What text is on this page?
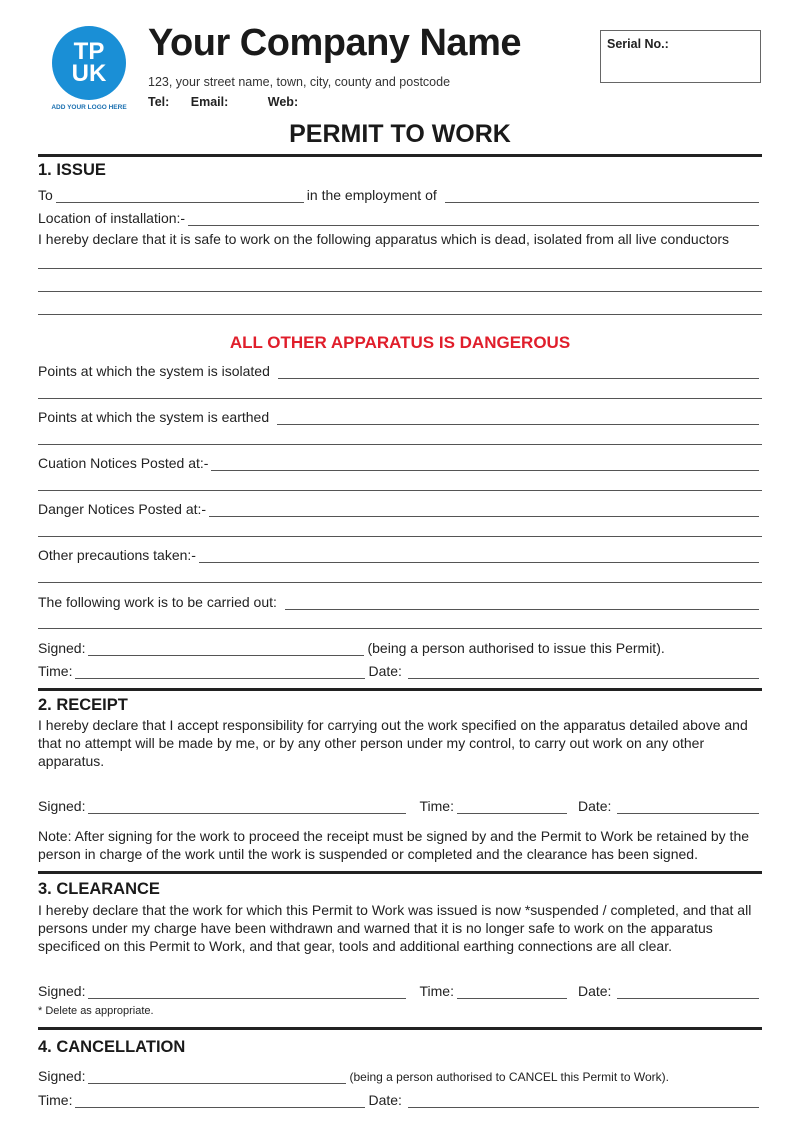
TP
UK
ADD YOUR LOGO HERE
Your Company Name
123, your street name, town, city, county and postcode
Tel: Email:	Web:
Serial No.:
PERMIT TO WORK
1. ISSUE
To	in the employment of
Location of installation:-
I hereby declare that it is safe to work on the following apparatus which is dead, isolated from all live conductors
ALL OTHER APPARATUS IS DANGEROUS
Points at which the system is isolated
Points at which the system is earthed
Cuation Notices Posted at:-
Danger Notices Posted at:-
Other precautions taken:-
The following work is to be carried out:
Signed:	(being a person authorised to issue this Permit).
Time:	Date:
2. RECEIPT
I hereby declare that I accept responsibility for carrying out the work specified on the apparatus detailed above and that no attempt will be made by me, or by any other person under my control, to carry out work on any other apparatus.
Signed:	Time:	Date:
Note: After signing for the work to proceed the receipt must be signed by and the Permit to Work be retained by the person in charge of the work until the work is suspended or completed and the clearance has been signed.
3. CLEARANCE
I hereby declare that the work for which this Permit to Work was issued is now *suspended / completed, and that all persons under my charge have been withdrawn and warned that it is no longer safe to work on the apparatus specificed on this Permit to Work, and that gear, tools and additional earthing connections are all clear.
Signed:	Time:	Date:
* Delete as appropriate.
4. CANCELLATION
Signed:	(being a person authorised to CANCEL this Permit to Work).
Time:	Date:
